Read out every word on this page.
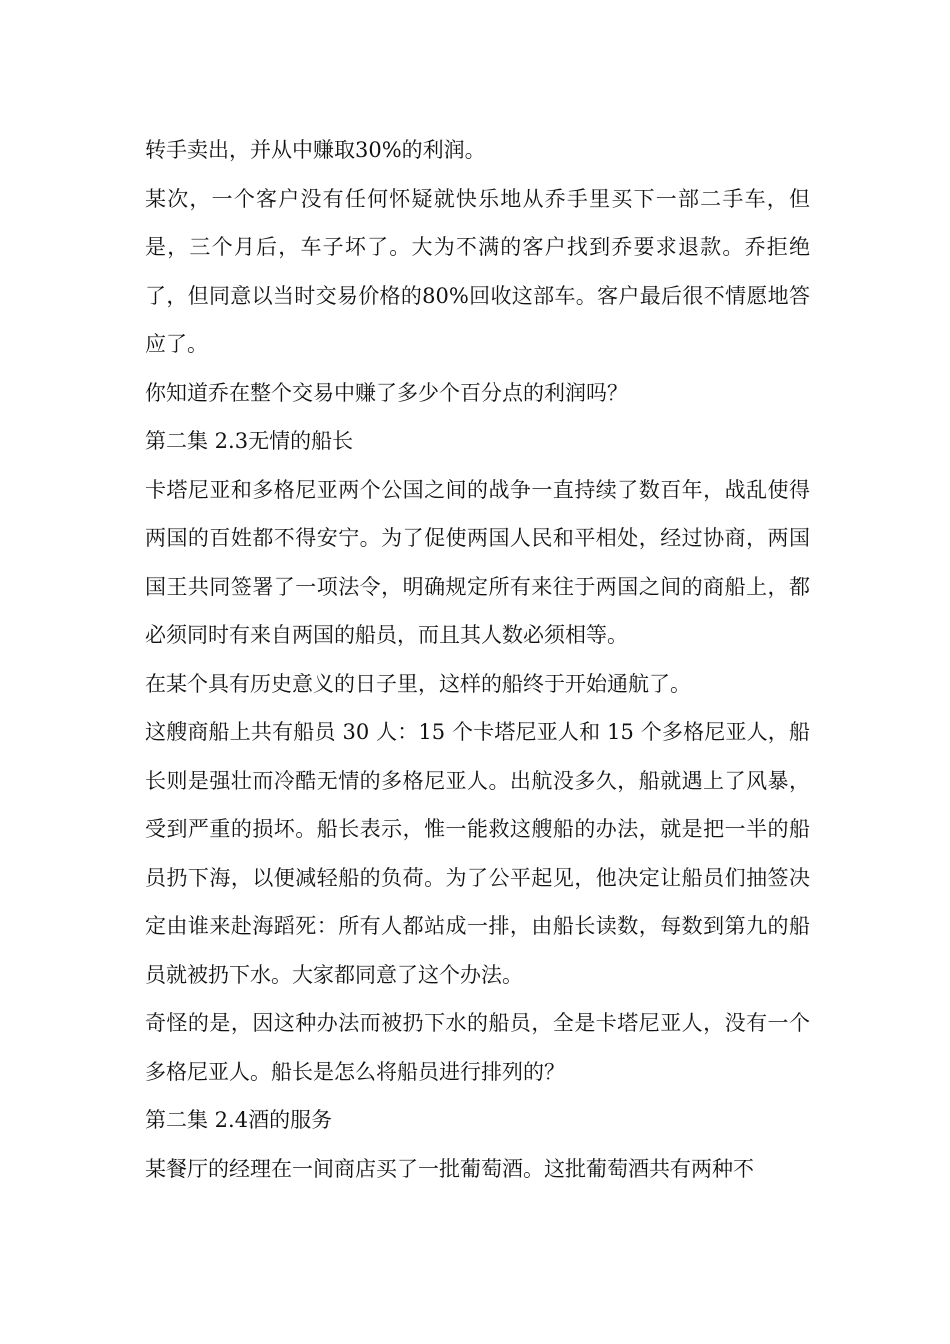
转手卖出，并从中赚取30%的利润。

某次，一个客户没有任何怀疑就快乐地从乔手里买下一部二手车，但是，三个月后，车子坏了。大为不满的客户找到乔要求退款。乔拒绝了，但同意以当时交易价格的80%回收这部车。客户最后很不情愿地答应了。

你知道乔在整个交易中赚了多少个百分点的利润吗？

第二集 2.3无情的船长

卡塔尼亚和多格尼亚两个公国之间的战争一直持续了数百年，战乱使得两国的百姓都不得安宁。为了促使两国人民和平相处，经过协商，两国国王共同签署了一项法令，明确规定所有来往于两国之间的商船上，都必须同时有来自两国的船员，而且其人数必须相等。

在某个具有历史意义的日子里，这样的船终于开始通航了。

这艘商船上共有船员 30 人：15 个卡塔尼亚人和 15 个多格尼亚人，船长则是强壮而冷酷无情的多格尼亚人。出航没多久，船就遇上了风暴，受到严重的损坏。船长表示，惟一能救这艘船的办法，就是把一半的船员扔下海，以便减轻船的负荷。为了公平起见，他决定让船员们抽签决定由谁来赴海蹈死：所有人都站成一排，由船长读数，每数到第九的船员就被扔下水。大家都同意了这个办法。

奇怪的是，因这种办法而被扔下水的船员，全是卡塔尼亚人，没有一个多格尼亚人。船长是怎么将船员进行排列的？

第二集 2.4酒的服务

某餐厅的经理在一间商店买了一批葡萄酒。这批葡萄酒共有两种不
